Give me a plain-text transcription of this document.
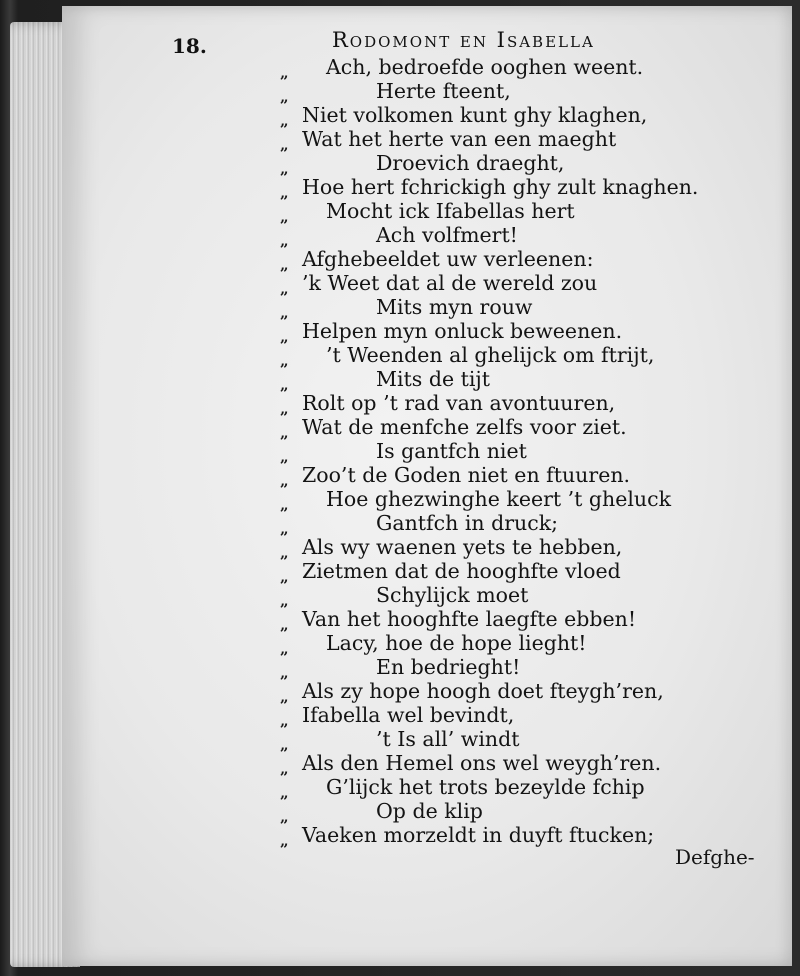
18.	Rodomont en Isabella
„ Ach, bedroefde ooghen weent.
„	Herte fteent,
„ Niet volkomen kunt ghy klaghen,
„ Wat het herte van een maeght
„	Droevich draeght,
„ Hoe hert fchrickigh ghy zult knaghen.
„ Mocht ick Ifabellas hert
„	Ach volfmert!
„ Afghebeeldet uw verleenen:
„ ’k Weet dat al de wereld zou
„	Mits myn rouw
„ Helpen myn onluck beweenen.
„ ’t Weenden al ghelijck om ftrijt,
„	Mits de tijt
„ Rolt op ’t rad van avontuuren,
„ Wat de menfche zelfs voor ziet.
„	Is gantfch niet
„ Zoo’t de Goden niet en ftuuren.
„ Hoe ghezwinghe keert ’t gheluck
„	Gantfch in druck;
„ Als wy waenen yets te hebben,
„ Zietmen dat de hooghfte vloed
„	Schylijck moet
„ Van het hooghfte laegfte ebben!
„ Lacy, hoe de hope lieght!
„	En bedrieght!
„ Als zy hope hoogh doet fteygh’ren,
„ Ifabella wel bevindt,
„	’t Is all’ windt
„ Als den Hemel ons wel weygh’ren.
„ G’lijck het trots bezeylde fchip
„	Op de klip
„ Vaeken morzeldt in duyft ftucken;
Defghe-
